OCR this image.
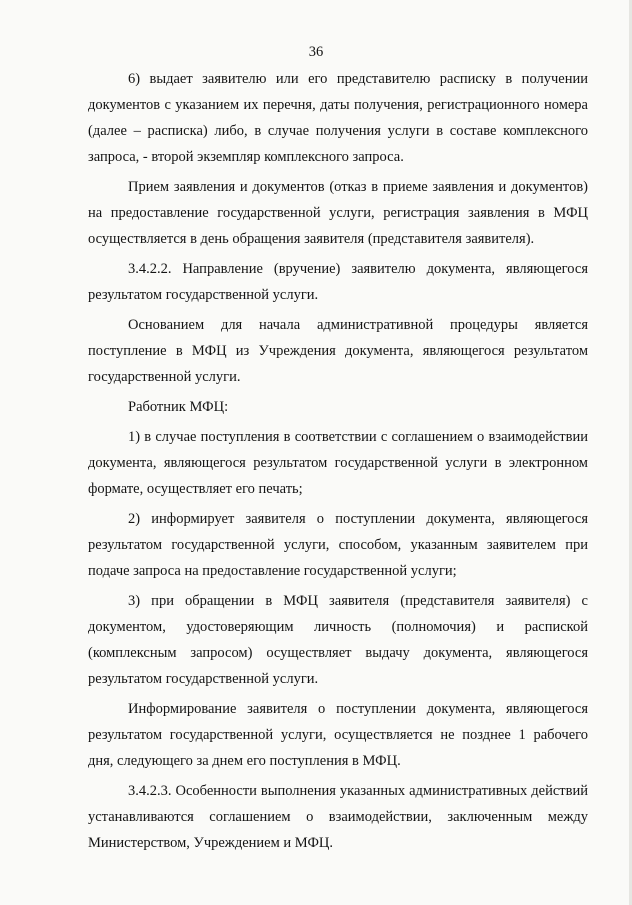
36

6) выдает заявителю или его представителю расписку в получении документов с указанием их перечня, даты получения, регистрационного номера (далее – расписка) либо, в случае получения услуги в составе комплексного запроса, - второй экземпляр комплексного запроса.

Прием заявления и документов (отказ в приеме заявления и документов) на предоставление государственной услуги, регистрация заявления в МФЦ осуществляется в день обращения заявителя (представителя заявителя).

3.4.2.2. Направление (вручение) заявителю документа, являющегося результатом государственной услуги.

Основанием для начала административной процедуры является поступление в МФЦ из Учреждения документа, являющегося результатом государственной услуги.

Работник МФЦ:

1) в случае поступления в соответствии с соглашением о взаимодействии документа, являющегося результатом государственной услуги в электронном формате, осуществляет его печать;

2) информирует заявителя о поступлении документа, являющегося результатом государственной услуги, способом, указанным заявителем при подаче запроса на предоставление государственной услуги;

3) при обращении в МФЦ заявителя (представителя заявителя) с документом, удостоверяющим личность (полномочия) и распиской (комплексным запросом) осуществляет выдачу документа, являющегося результатом государственной услуги.

Информирование заявителя о поступлении документа, являющегося результатом государственной услуги, осуществляется не позднее 1 рабочего дня, следующего за днем его поступления в МФЦ.

3.4.2.3. Особенности выполнения указанных административных действий устанавливаются соглашением о взаимодействии, заключенным между Министерством, Учреждением и МФЦ.
